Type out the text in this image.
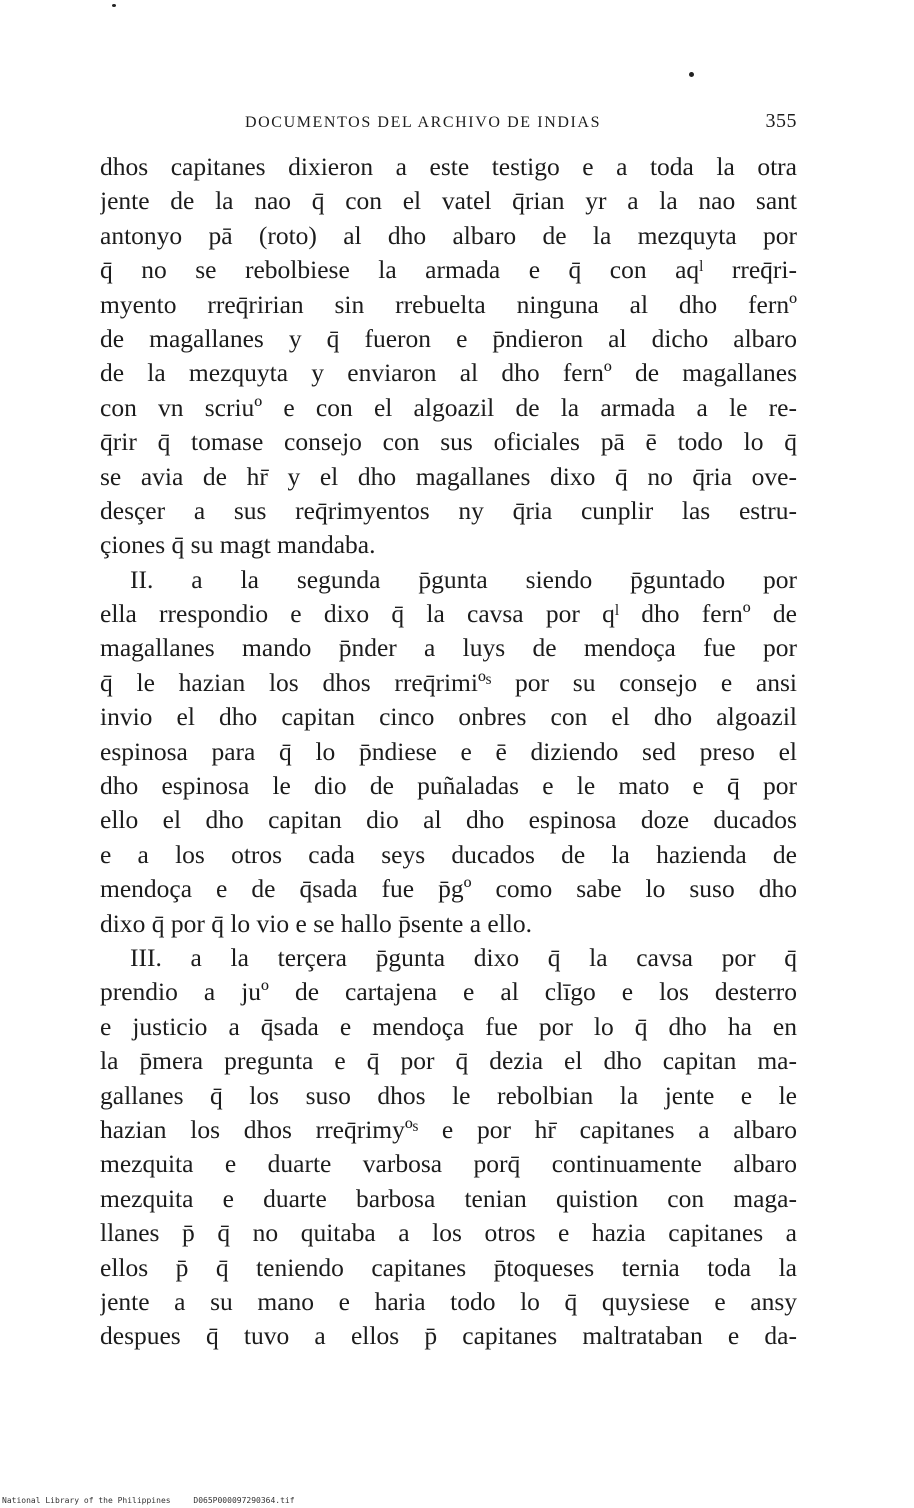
DOCUMENTOS DEL ARCHIVO DE INDIAS	355
dhos capitanes dixieron a este testigo e a toda la otra
jente de la nao q̄ con el vatel q̄rian yr a la nao sant
antonyo pā (roto) al dho albaro de la mezquyta por
q̄ no se rebolbiese la armada e q̄ con aqˡ rreq̄ri-
myento rreq̄ririan sin rrebuelta ninguna al dho fernº
de magallanes y q̄ fueron e p̄ndieron al dicho albaro
de la mezquyta y enviaron al dho fernº de magallanes
con vn scriuº e con el algoazil de la armada a le re-
q̄rir q̄ tomase consejo con sus oficiales pā ē todo lo q̄
se avia de hr̄ y el dho magallanes dixo q̄ no q̄ria ove-
desçer a sus req̄rimyentos ny q̄ria cunplir las estru-
çiones q̄ su magt mandaba.
II. a la segunda p̄gunta siendo p̄guntado por
ella rrespondio e dixo q̄ la cavsa por qˡ dho fernº de
magallanes mando p̄nder a luys de mendoça fue por
q̄ le hazian los dhos rreq̄rimiºˢ por su consejo e ansi
invio el dho capitan cinco onbres con el dho algoazil
espinosa para q̄ lo p̄ndiese e ē diziendo sed preso el
dho espinosa le dio de puñaladas e le mato e q̄ por
ello el dho capitan dio al dho espinosa doze ducados
e a los otros cada seys ducados de la hazienda de
mendoça e de q̄sada fue p̄gº como sabe lo suso dho
dixo q̄ por q̄ lo vio e se hallo p̄sente a ello.
III. a la terçera p̄gunta dixo q̄ la cavsa por q̄
prendio a juº de cartajena e al clīgo e los desterro
e justicio a q̄sada e mendoça fue por lo q̄ dho ha en
la p̄mera pregunta e q̄ por q̄ dezia el dho capitan ma-
gallanes q̄ los suso dhos le rebolbian la jente e le
hazian los dhos rreq̄rimyºˢ e por hr̄ capitanes a albaro
mezquita e duarte varbosa porq̄ continuamente albaro
mezquita e duarte barbosa tenian quistion con maga-
llanes p̄ q̄ no quitaba a los otros e hazia capitanes a
ellos p̄ q̄ teniendo capitanes p̄toqueses ternia toda la
jente a su mano e haria todo lo q̄ quysiese e ansy
despues q̄ tuvo a ellos p̄ capitanes maltrataban e da-
National Library of the Philippines	D065P000097290364.tif
